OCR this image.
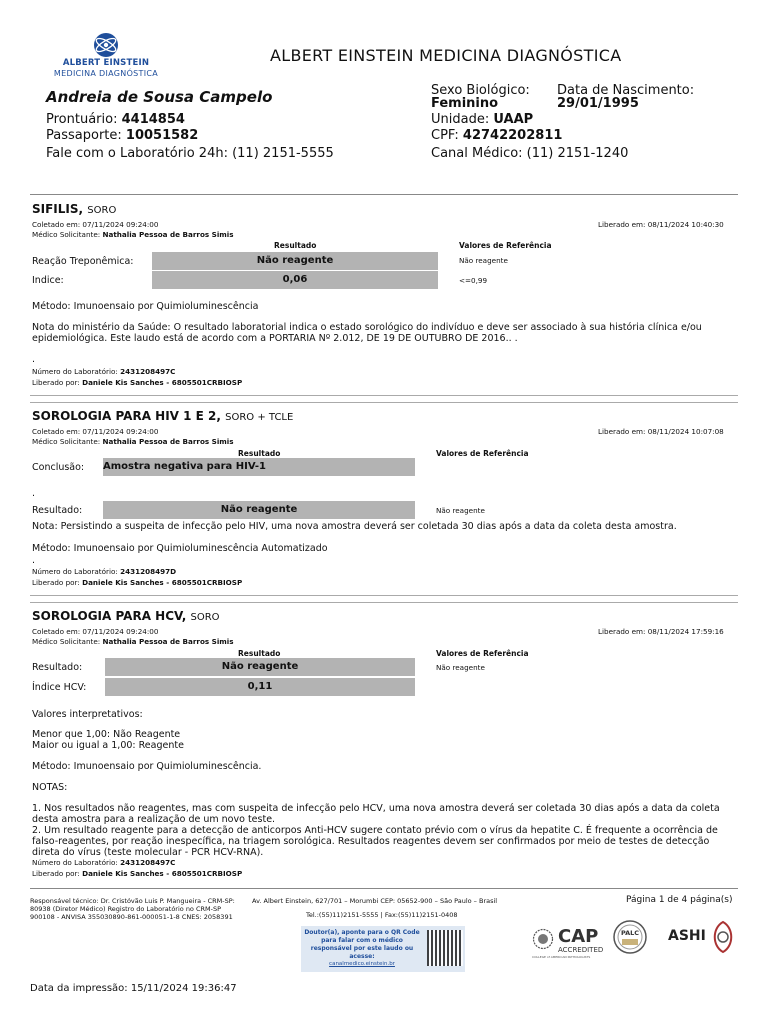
ALBERT EINSTEIN
MEDICINA DIAGNÓSTICA
ALBERT EINSTEIN MEDICINA DIAGNÓSTICA
Andreia de Sousa Campelo
Prontuário: 4414854
Passaporte: 10051582
Fale com o Laboratório 24h: (11) 2151-5555
Sexo Biológico:
Feminino
Data de Nascimento:
29/01/1995
Unidade: UAAP
CPF: 42742202811
Canal Médico: (11) 2151-1240
SIFILIS, SORO
Coletado em: 07/11/2024 09:24:00
Médico Solicitante: Nathalia Pessoa de Barros Simis
Liberado em: 08/11/2024 10:40:30
Resultado	Valores de Referência
Reação Treponêmica:	Não reagente	Não reagente
Indice:	0,06	<=0,99
Método: Imunoensaio por Quimioluminescência
Nota do ministério da Saúde: O resultado laboratorial indica o estado sorológico do indivíduo e deve ser associado à sua história clínica e/ou epidemiológica. Este laudo está de acordo com a PORTARIA Nº 2.012, DE 19 DE OUTUBRO DE 2016.. .
.
Número do Laboratório: 2431208497C
Liberado por: Daniele Kis Sanches - 6805501CRBIOSP
SOROLOGIA PARA HIV 1 E 2, SORO + TCLE
Coletado em: 07/11/2024 09:24:00
Médico Solicitante: Nathalia Pessoa de Barros Simis
Liberado em: 08/11/2024 10:07:08
Resultado	Valores de Referência
Conclusão: Amostra negativa para HIV-1
.
Resultado:	Não reagente	Não reagente
Nota: Persistindo a suspeita de infecção pelo HIV, uma nova amostra deverá ser coletada 30 dias após a data da coleta desta amostra.
Método: Imunoensaio por Quimioluminescência Automatizado
.
Número do Laboratório: 2431208497D
Liberado por: Daniele Kis Sanches - 6805501CRBIOSP
SOROLOGIA PARA HCV, SORO
Coletado em: 07/11/2024 09:24:00
Médico Solicitante: Nathalia Pessoa de Barros Simis
Liberado em: 08/11/2024 17:59:16
Resultado	Valores de Referência
Resultado:	Não reagente	Não reagente
Índice HCV:	0,11
Valores interpretativos:
Menor que 1,00: Não Reagente
Maior ou igual a 1,00: Reagente
Método: Imunoensaio por Quimioluminescência.
NOTAS:
1. Nos resultados não reagentes, mas com suspeita de infecção pelo HCV, uma nova amostra deverá ser coletada 30 dias após a data da coleta desta amostra para a realização de um novo teste.
2. Um resultado reagente para a detecção de anticorpos Anti-HCV sugere contato prévio com o vírus da hepatite C. É frequente a ocorrência de falso-reagentes, por reação inespecífica, na triagem sorológica. Resultados reagentes devem ser confirmados por meio de testes de detecção direta do vírus (teste molecular - PCR HCV-RNA).
Número do Laboratório: 2431208497C
Liberado por: Daniele Kis Sanches - 6805501CRBIOSP
Responsável técnico: Dr. Cristóvão Luis P. Mangueira - CRM-SP: 80938 (Diretor Médico) Registro do Laboratório no CRM-SP 900108 - ANVISA 355030890-861-000051-1-8 CNES: 2058391
Av. Albert Einstein, 627/701 – Morumbi CEP: 05652-900 – São Paulo – Brasil
Tel.:(55)11)2151-5555 | Fax:(55)11)2151-0408
Página 1 de 4 página(s)
Doutor(a), aponte para o QR Code para falar com o médico responsável por este laudo ou acesse:
canalmedico.einstein.br
CAP
ACCREDITED
COLLEGE of AMERICAN PATHOLOGISTS
PALC	ASHI
Data da impressão: 15/11/2024 19:36:47
